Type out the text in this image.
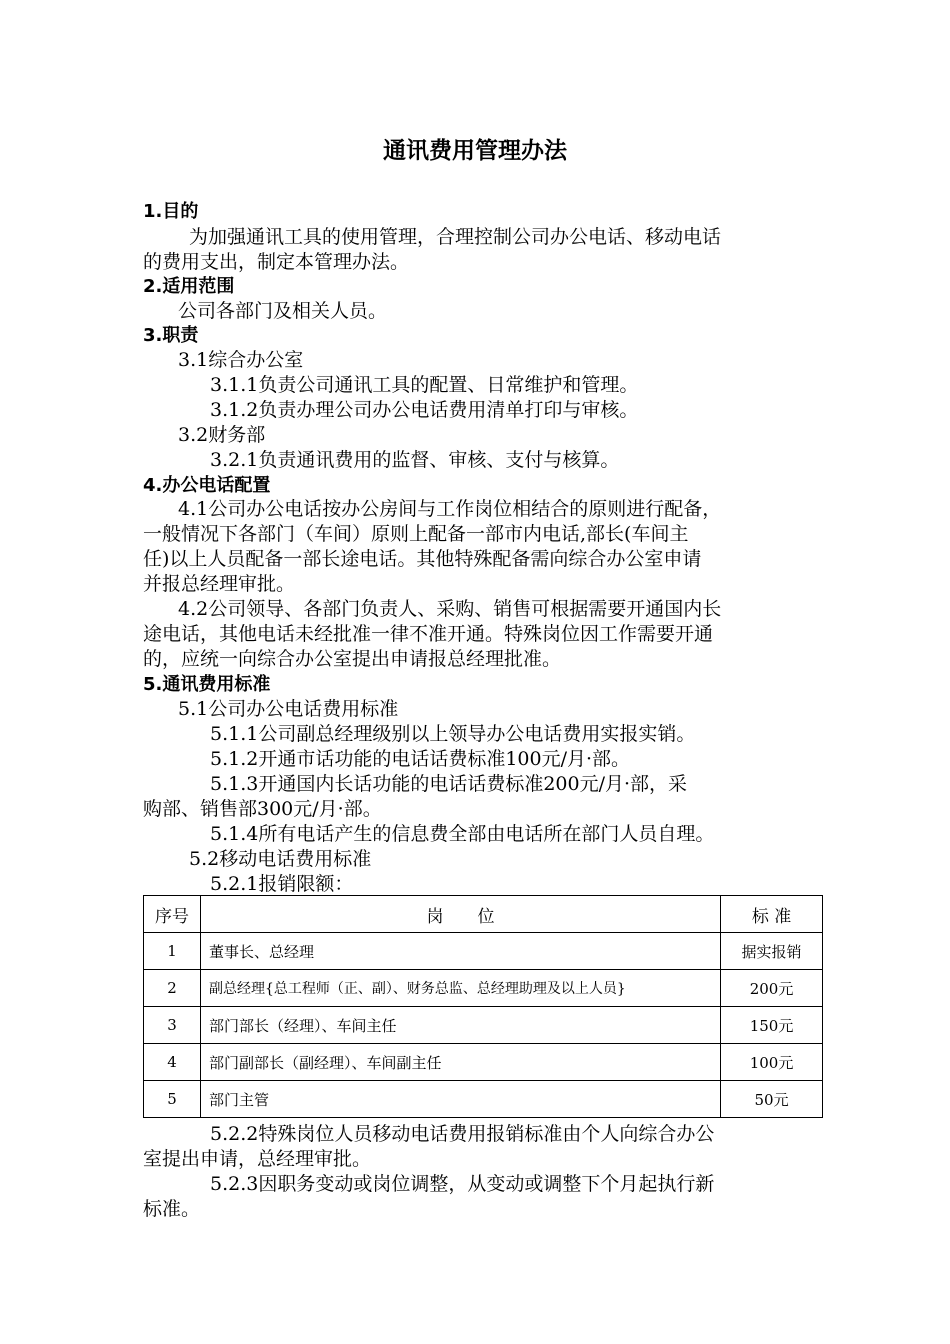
通讯费用管理办法
1.目的
为加强通讯工具的使用管理，合理控制公司办公电话、移动电话
的费用支出，制定本管理办法。
2.适用范围
公司各部门及相关人员。
3.职责
3.1综合办公室
3.1.1负责公司通讯工具的配置、日常维护和管理。
3.1.2负责办理公司办公电话费用清单打印与审核。
3.2财务部
3.2.1负责通讯费用的监督、审核、支付与核算。
4.办公电话配置
4.1公司办公电话按办公房间与工作岗位相结合的原则进行配备，
一般情况下各部门（车间）原则上配备一部市内电话,部长(车间主
任)以上人员配备一部长途电话。其他特殊配备需向综合办公室申请
并报总经理审批。
4.2公司领导、各部门负责人、采购、销售可根据需要开通国内长
途电话，其他电话未经批准一律不准开通。特殊岗位因工作需要开通
的，应统一向综合办公室提出申请报总经理批准。
5.通讯费用标准
5.1公司办公电话费用标准
5.1.1公司副总经理级别以上领导办公电话费用实报实销。
5.1.2开通市话功能的电话话费标准100元/月·部。
5.1.3开通国内长话功能的电话话费标准200元/月·部，采
购部、销售部300元/月·部。
5.1.4所有电话产生的信息费全部由电话所在部门人员自理。
5.2移动电话费用标准
5.2.1报销限额：
序号	岗　　位	标 准
1	董事长、总经理	据实报销
2	副总经理{总工程师（正、副）、财务总监、总经理助理及以上人员}	200元
3	部门部长（经理）、车间主任	150元
4	部门副部长（副经理）、车间副主任	100元
5	部门主管	50元
5.2.2特殊岗位人员移动电话费用报销标准由个人向综合办公
室提出申请，总经理审批。
5.2.3因职务变动或岗位调整，从变动或调整下个月起执行新
标准。
